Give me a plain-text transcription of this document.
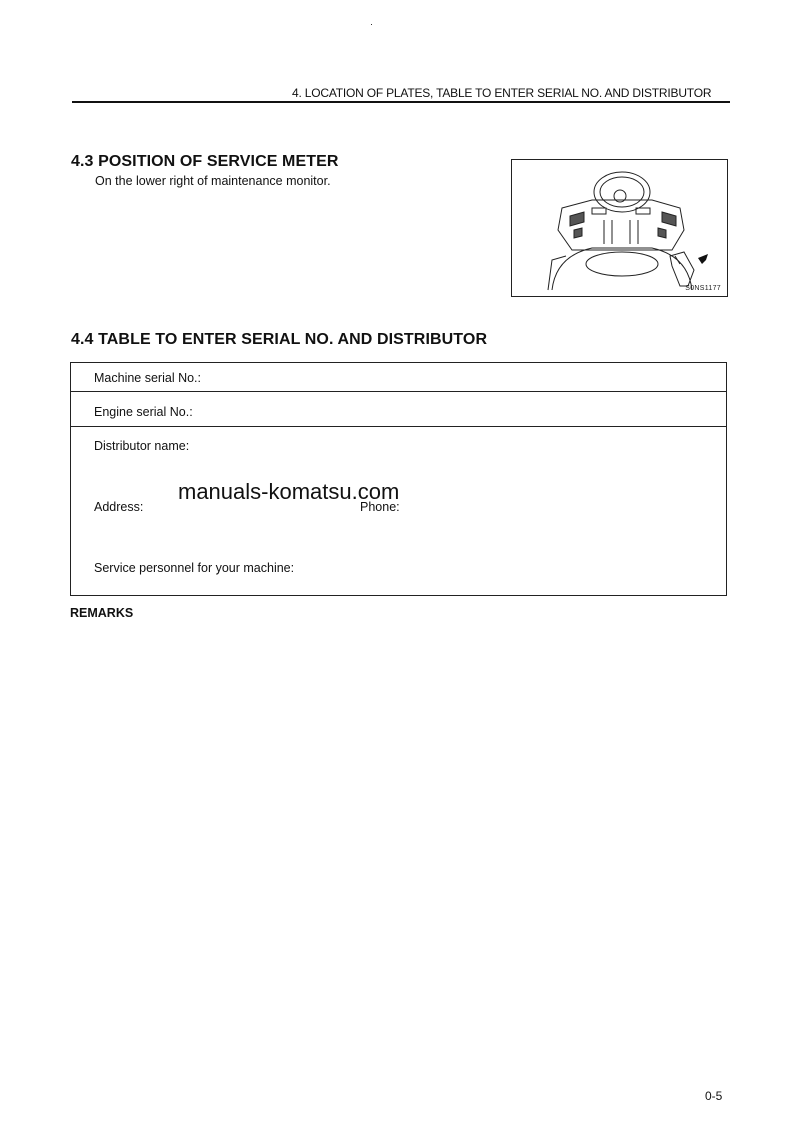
4. LOCATION OF PLATES, TABLE TO ENTER SERIAL NO. AND DISTRIBUTOR
4.3 POSITION OF SERVICE METER
On the lower right of maintenance monitor.
S0NS1177
4.4 TABLE TO ENTER SERIAL NO. AND DISTRIBUTOR
Machine serial No.:
Engine serial No.:
Distributor name:
Address:	Phone:
Service personnel for your machine:
manuals-komatsu.com
REMARKS
0-5
